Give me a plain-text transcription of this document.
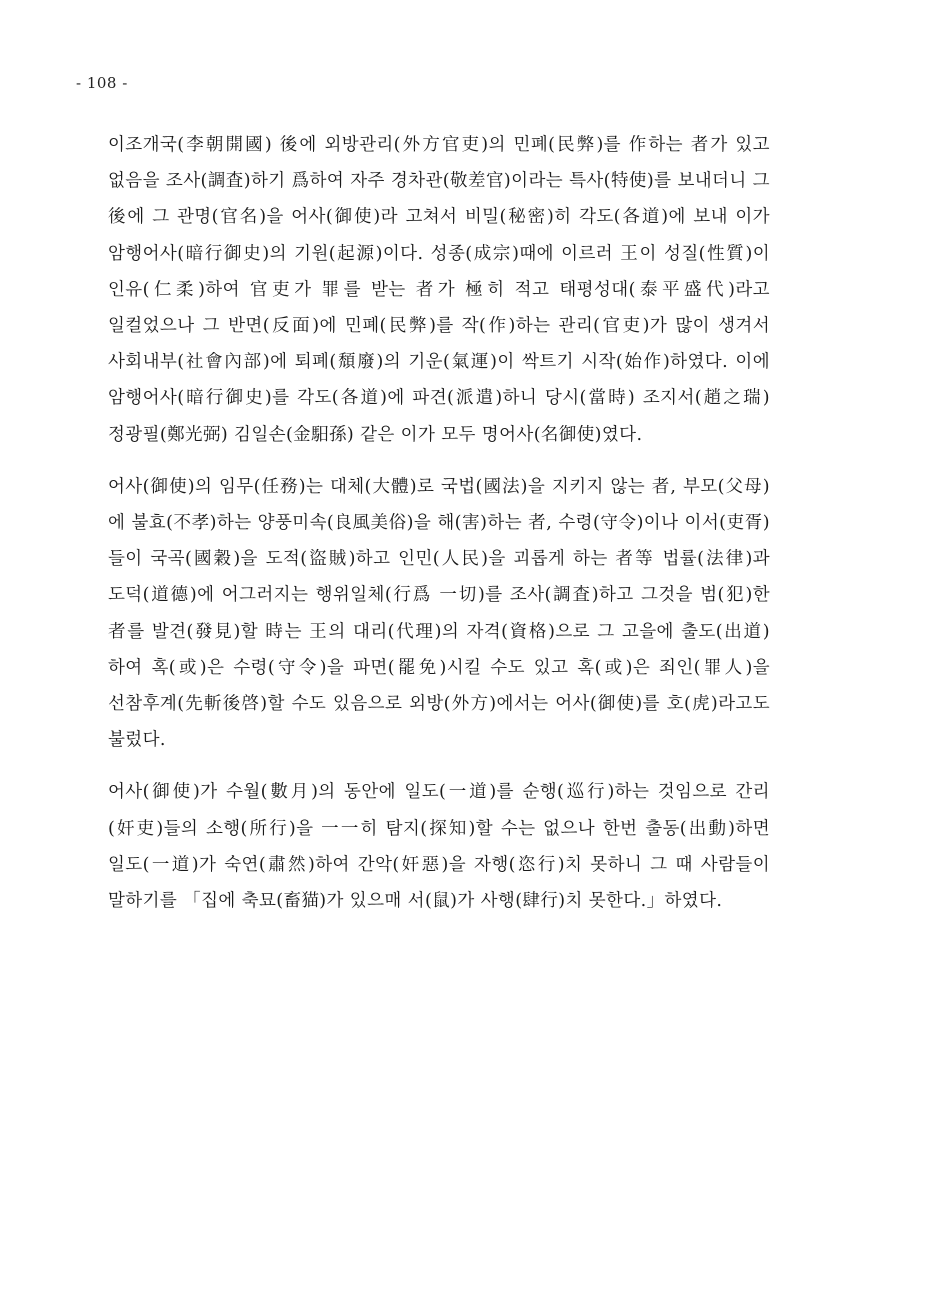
- 108 -

이조개국(李朝開國) 後에 외방관리(外方官吏)의 민폐(民弊)를 作하는 者가 있고 없음을 조사(調査)하기 爲하여 자주 경차관(敬差官)이라는 특사(特使)를 보내더니 그 後에 그 관명(官名)을 어사(御使)라 고쳐서 비밀(秘密)히 각도(各道)에 보내 이가 암행어사(暗行御史)의 기원(起源)이다. 성종(成宗)때에 이르러 王이 성질(性質)이 인유(仁柔)하여 官吏가 罪를 받는 者가 極히 적고 태평성대(泰平盛代)라고 일컬었으나 그 반면(反面)에 민폐(民弊)를 작(作)하는 관리(官吏)가 많이 생겨서 사회내부(社會內部)에 퇴폐(頹廢)의 기운(氣運)이 싹트기 시작(始作)하였다. 이에 암행어사(暗行御史)를 각도(各道)에 파견(派遣)하니 당시(當時) 조지서(趙之瑞) 정광필(鄭光弼) 김일손(金馹孫) 같은 이가 모두 명어사(名御使)였다.

어사(御使)의 임무(任務)는 대체(大體)로 국법(國法)을 지키지 않는 者, 부모(父母)에 불효(不孝)하는 양풍미속(良風美俗)을 해(害)하는 者, 수령(守令)이나 이서(吏胥)들이 국곡(國穀)을 도적(盜賊)하고 인민(人民)을 괴롭게 하는 者等 법률(法律)과 도덕(道德)에 어그러지는 행위일체(行爲 一切)를 조사(調査)하고 그것을 범(犯)한 者를 발견(發見)할 時는 王의 대리(代理)의 자격(資格)으로 그 고을에 출도(出道)하여 혹(或)은 수령(守令)을 파면(罷免)시킬 수도 있고 혹(或)은 죄인(罪人)을 선참후계(先斬後啓)할 수도 있음으로 외방(外方)에서는 어사(御使)를 호(虎)라고도 불렀다.

어사(御使)가 수월(數月)의 동안에 일도(一道)를 순행(巡行)하는 것임으로 간리(奸吏)들의 소행(所行)을 一一히 탐지(探知)할 수는 없으나 한번 출동(出動)하면 일도(一道)가 숙연(肅然)하여 간악(奸惡)을 자행(恣行)치 못하니 그 때 사람들이 말하기를 「집에 축묘(畜猫)가 있으매 서(鼠)가 사행(肆行)치 못한다.」하였다.
